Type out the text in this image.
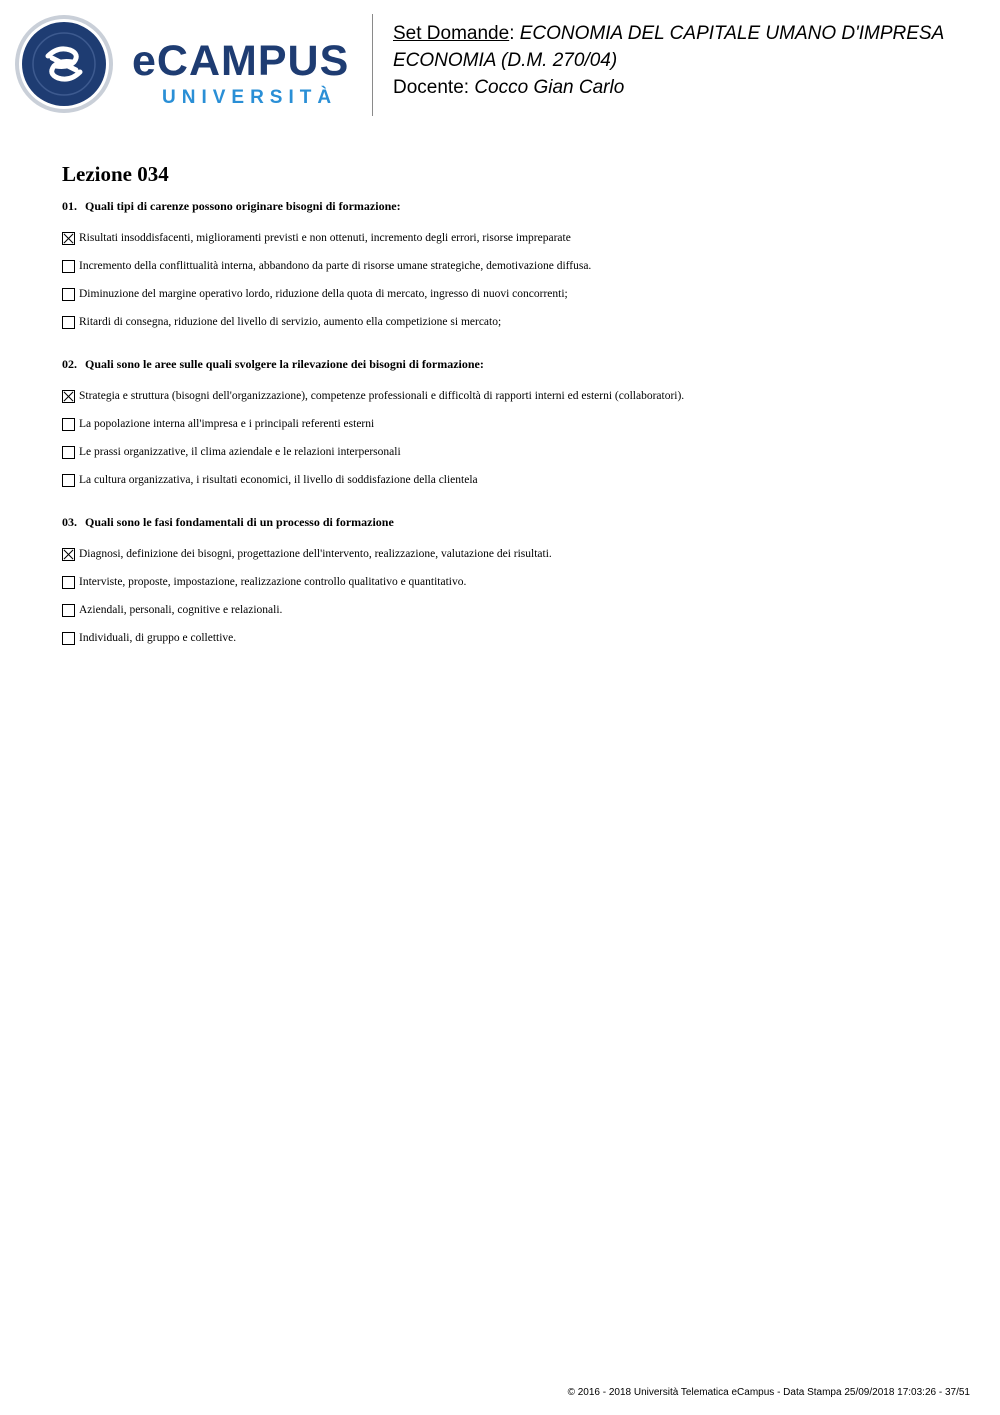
eCAMPUS
UNIVERSITÀ
Set Domande: ECONOMIA DEL CAPITALE UMANO D'IMPRESA
ECONOMIA (D.M. 270/04)
Docente: Cocco Gian Carlo
Lezione 034

01. Quali tipi di carenze possono originare bisogni di formazione:

Risultati insoddisfacenti, miglioramenti previsti e non ottenuti, incremento degli errori, risorse impreparate
Incremento della conflittualità interna, abbandono da parte di risorse umane strategiche, demotivazione diffusa.
Diminuzione del margine operativo lordo, riduzione della quota di mercato, ingresso di nuovi concorrenti;
Ritardi di consegna, riduzione del livello di servizio, aumento ella competizione si mercato;

02. Quali sono le aree sulle quali svolgere la rilevazione dei bisogni di formazione:

Strategia e struttura (bisogni dell'organizzazione), competenze professionali e difficoltà di rapporti interni ed esterni (collaboratori).
La popolazione interna all'impresa e i principali referenti esterni
Le prassi organizzative, il clima aziendale e le relazioni interpersonali
La cultura organizzativa, i risultati economici, il livello di soddisfazione della clientela

03. Quali sono le fasi fondamentali di un processo di formazione

Diagnosi, definizione dei bisogni, progettazione dell'intervento, realizzazione, valutazione dei risultati.
Interviste, proposte, impostazione, realizzazione controllo qualitativo e quantitativo.
Aziendali, personali, cognitive e relazionali.
Individuali, di gruppo e collettive.
© 2016 - 2018 Università Telematica eCampus - Data Stampa 25/09/2018 17:03:26 - 37/51
